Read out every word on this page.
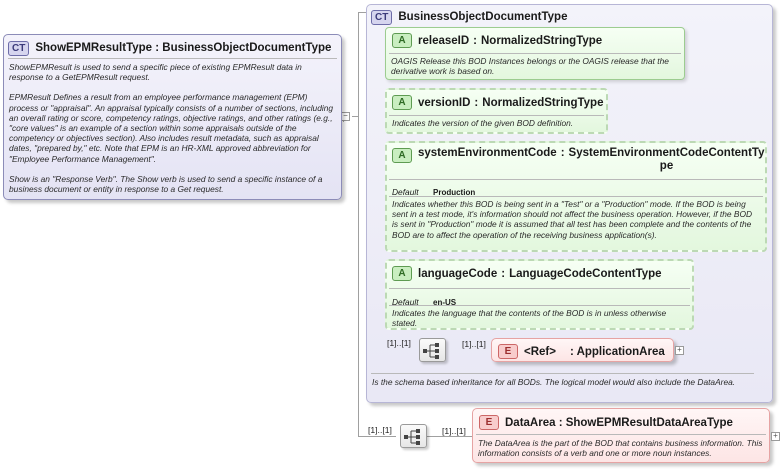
−
CT ShowEPMResultType : BusinessObjectDocumentType
ShowEPMResult is used to send a specific piece of existing EPMResult data in response to a GetEPMResult request.
EPMResult Defines a result from an employee performance management (EPM) process or "appraisal". An appraisal typically consists of a number of sections, including an overall rating or score, competency ratings, objective ratings, and other ratings (e.g., "core values" is an example of a section within some appraisals outside of the competency or objectives section). Also includes result metadata, such as appraisal dates, "prepared by," etc. Note that EPM is an HR-XML approved abbreviation for "Employee Performance Management".
Show is an "Response Verb". The Show verb is used to send a specific instance of a business document or entity in response to a Get request.
CT BusinessObjectDocumentType
Is the schema based inheritance for all BODs. The logical model would also include the DataArea.
A	releaseID : NormalizedStringType
OAGIS Release this BOD Instances belongs or the OAGIS release that the derivative work is based on.
A	versionID : NormalizedStringType
Indicates the version of the given BOD definition.
A	systemEnvironmentCode : SystemEnvironmentCodeContentTy
pe
Default Production
Indicates whether this BOD is being sent in a "Test" or a "Production" mode. If the BOD is being sent in a test mode, it's information should not affect the business operation. However, if the BOD is sent in "Production" mode it is assumed that all test has been complete and the contents of the BOD are to affect the operation of the receiving business application(s).
A	languageCode : LanguageCodeContentType
Default en-US
Indicates the language that the contents of the BOD is in unless otherwise stated.
[1]..[1]	[1]..[1]
E	<Ref> : ApplicationArea +
[1]..[1]	[1]..[1]
E	DataArea : ShowEPMResultDataAreaType
The DataArea is the part of the BOD that contains business information. This information consists of a verb and one or more noun instances.
+
